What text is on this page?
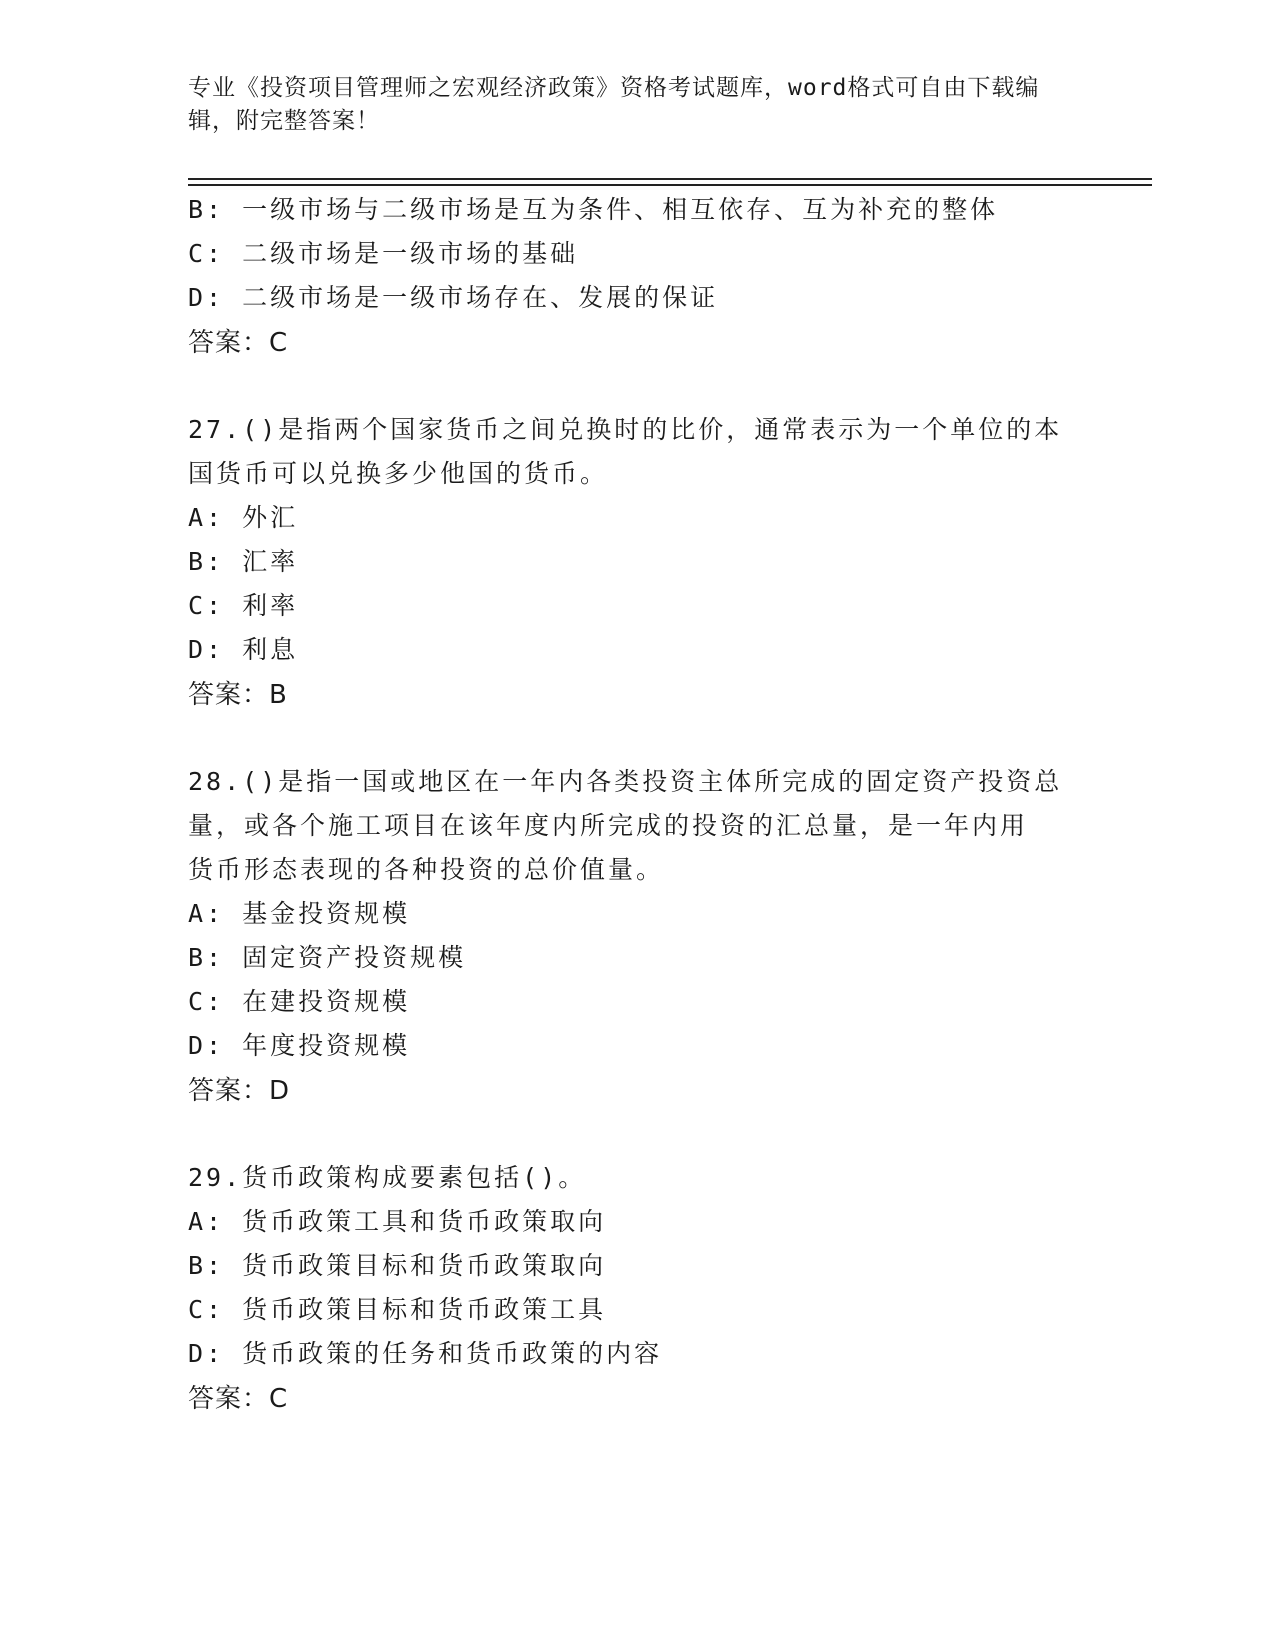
专业《投资项目管理师之宏观经济政策》资格考试题库，word格式可自由下载编
辑，附完整答案！
B: 一级市场与二级市场是互为条件、相互依存、互为补充的整体
C: 二级市场是一级市场的基础
D: 二级市场是一级市场存在、发展的保证
答案：C
27.()是指两个国家货币之间兑换时的比价，通常表示为一个单位的本
国货币可以兑换多少他国的货币。
A: 外汇
B: 汇率
C: 利率
D: 利息
答案：B
28.()是指一国或地区在一年内各类投资主体所完成的固定资产投资总
量，或各个施工项目在该年度内所完成的投资的汇总量，是一年内用
货币形态表现的各种投资的总价值量。
A: 基金投资规模
B: 固定资产投资规模
C: 在建投资规模
D: 年度投资规模
答案：D
29.货币政策构成要素包括()。
A: 货币政策工具和货币政策取向
B: 货币政策目标和货币政策取向
C: 货币政策目标和货币政策工具
D: 货币政策的任务和货币政策的内容
答案：C
